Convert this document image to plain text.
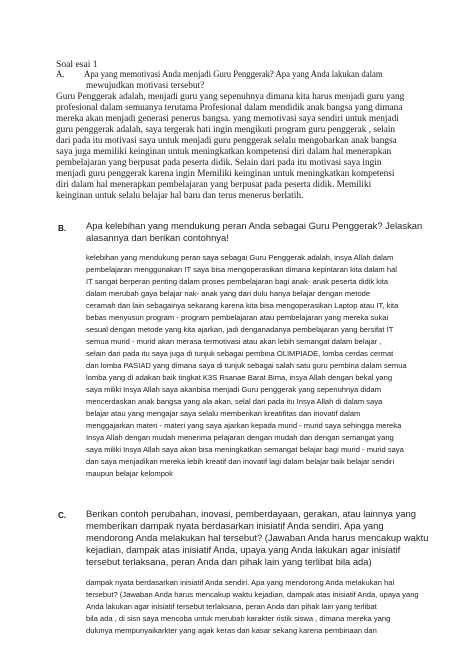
Soal esai 1
A. Apa yang memotivasi Anda menjadi Guru Penggerak? Apa yang Anda lakukan dalam
mewujudkan motivasi tersebut?
Guru Penggerak adalah, menjadi guru yang sepenuhnya dimana kita harus menjadi guru yang
profesional dalam semuanya terutama Profesional dalam mendidik anak bangsa yang dimana
mereka akan menjadi generasi penerus bangsa. yang memotivasi saya sendiri untuk menjadi
guru penggerak adalah, saya tergerak hati ingin mengikuti program guru penggerak , selain
dari pada itu motivasi saya untuk menjadi guru penggerak selalu mengobarkan anak bangsa
saya juga memiliki keinginan untuk meningkatkan kompetensi diri dalam hal menerapkan
pembelajaran yang berpusat pada peserta didik. Selain dari pada itu motivasi saya ingin
menjadi guru penggerak karena ingin Memiliki keinginan untuk meningkatkan kompetensi
diri dalam hal menerapkan pembelajaran yang berpusat pada peserta didik. Memiliki
keinginan untuk selalu belajar hal baru dan terus menerus berlatih.
B. Apa kelebihan yang mendukung peran Anda sebagai Guru Penggerak? Jelaskan
alasannya dan berikan contohnya!
kelebihan yang mendukung peran saya sebagai Guru Penggerak adalah, insya Allah dalam
pembelajaran menggunakan IT saya bisa mengoperasikan dimana kepintaran kita dalam hal
IT sangat berperan penting dalam proses pembelajaran bagi anak- anak peserta didik kita
dalam merubah gaya belajar nak- anak yang dari dulu hanya belajar dengan metode
ceramah dan lain sebagainya sekarang karena kita bisa mengoperasikan Laptop atau IT, kita
bebas menyusun program - program pembelajaran atau pembelajaran yang mereka sukai
sesual dengan metode yang kita ajarkan, jadi denganadanya pembelajaran yang bersifat IT
semua murid - murid akan merasa termotivasi atau akan lebih semangat dalam belajar ,
selain dari pada itu saya juga di tunjuk sebagai pembina OLIMPIADE, lomba cerdas cermat
dan lomba PASIAD yang dimana saya di tunjuk sebagai salah satu guru pembina dalam semua
lomba yang di adakan baik tingkat K3S Rsanae Barat Bima, insya Allah dengan bekal yang
saya miliki Insya Allah saya akanbisa menjadi Guru penggerak yang sepenuhnya didam
mencerdaskan anak bangsa yang ala akan, selal dari pada itu Insya Allah di dalam saya
belajar atau yang mengajar saya selalu memberikan kreatifitas dan inovatif dalam
menggajarkan materi - materi yang saya ajarkan kepada murid - murid saya sehingga mereka
Insya Allah dengan mudah menerima pelajaran dengan mudah dan dengan semangat yang
saya miliki Insya Allah saya akan bisa meningkatkan semangat belajar bagi murid - murid saya
dan saya menjadikan mereka lebih kreatif dan inovatif lagi dalam belajar baik belajar sendiri
maupun belajar kelompok
C. Berikan contoh perubahan, inovasi, pemberdayaan, gerakan, atau lainnya yang
memberikan dampak nyata berdasarkan inisiatif Anda sendiri. Apa yang
mendorong Anda melakukan hal tersebut? (Jawaban Anda harus mencakup waktu
kejadian, dampak atas inisiatif Anda, upaya yang Anda lakukan agar inisiatif
tersebut terlaksana, peran Anda dan pihak lain yang terlibat bila ada)
dampak nyata berdasarkan inisiatif Anda sendiri. Apa yang mendorong Anda melakukan hal
tersebut? (Jawaban Anda harus mencakup waktu kejadian, dampak atas inisiatif Anda, upaya yang
Anda lakukan agar inisiatif tersebut terlaksana, peran Anda dan pihak lain yang terlibat
bila ada , di sisn saya mencoba untuk merubah karakter ristik siswa , dimana mereka yang
dulunya mempunyaikarkter yang agak keras dan kasar sekang karena pembinaan dan
